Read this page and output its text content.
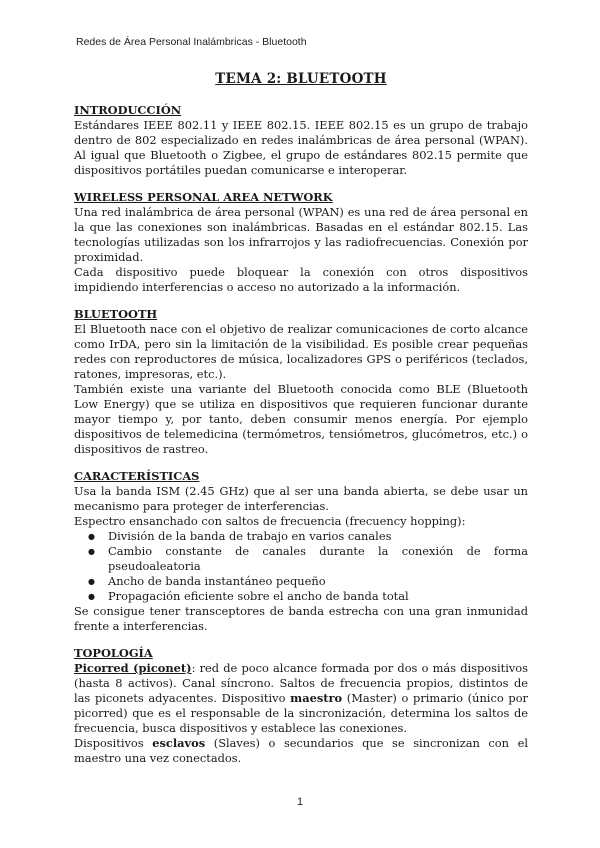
Redes de Área Personal Inalámbricas - Bluetooth
TEMA 2: BLUETOOTH
INTRODUCCIÓN

Estándares IEEE 802.11 y IEEE 802.15. IEEE 802.15 es un grupo de trabajo dentro de 802 especializado en redes inalámbricas de área personal (WPAN). Al igual que Bluetooth o Zigbee, el grupo de estándares 802.15 permite que dispositivos portátiles puedan comunicarse e interoperar.

WIRELESS PERSONAL AREA NETWORK

Una red inalámbrica de área personal (WPAN) es una red de área personal en la que las conexiones son inalámbricas. Basadas en el estándar 802.15. Las tecnologías utilizadas son los infrarrojos y las radiofrecuencias. Conexión por proximidad.

Cada dispositivo puede bloquear la conexión con otros dispositivos impidiendo interferencias o acceso no autorizado a la información.

BLUETOOTH

El Bluetooth nace con el objetivo de realizar comunicaciones de corto alcance como IrDA, pero sin la limitación de la visibilidad. Es posible crear pequeñas redes con reproductores de música, localizadores GPS o periféricos (teclados, ratones, impresoras, etc.).

También existe una variante del Bluetooth conocida como BLE (Bluetooth Low Energy) que se utiliza en dispositivos que requieren funcionar durante mayor tiempo y, por tanto, deben consumir menos energía. Por ejemplo dispositivos de telemedicina (termómetros, tensiómetros, glucómetros, etc.) o dispositivos de rastreo.

CARACTERÍSTICAS

Usa la banda ISM (2.45 GHz) que al ser una banda abierta, se debe usar un mecanismo para proteger de interferencias.

Espectro ensanchado con saltos de frecuencia (frecuency hopping):

● División de la banda de trabajo en varios canales
● Cambio constante de canales durante la conexión de forma pseudoaleatoria
● Ancho de banda instantáneo pequeño
● Propagación eficiente sobre el ancho de banda total

Se consigue tener transceptores de banda estrecha con una gran inmunidad frente a interferencias.

TOPOLOGÍA

Picorred (piconet): red de poco alcance formada por dos o más dispositivos (hasta 8 activos). Canal síncrono. Saltos de frecuencia propios, distintos de las piconets adyacentes. Dispositivo maestro (Master) o primario (único por picorred) que es el responsable de la sincronización, determina los saltos de frecuencia, busca dispositivos y establece las conexiones.

Dispositivos esclavos (Slaves) o secundarios que se sincronizan con el maestro una vez conectados.

1
